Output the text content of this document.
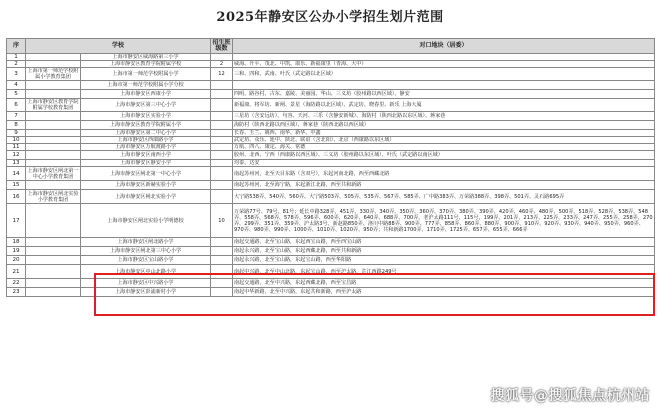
2025年静安区公办小学招生划片范围
序	学校		招生班级数	对口地块（居委）
1		上海市静安区威海路第三小学		
2		上海市静安区教育学院附属学校	2	威海、升平、茂北、中凯、康乐、新福康里（青海、大中）
3	上海市第一师范学校附属小学教育集团	上海市第一师范学校附属小学	12	三和、四和、武南、叶氏（武定路以北区域）
4		上海市第一师范学校附属小学分校		
5		上海市静安区西康小学		四明、路谷村、古东、嘉陵、美丽园、华山、三义坊（胶州路以西区域）、静安
6	上海市静安区教育学院附属学校教育集团	上海市静安区第三中心小学		新福康、将军坊、新闸、景星（海防路以北区域）、武定坊、晓春里、新乐 上海大厦
7		上海市静安区实验小学		三星坊（含安远坊）、句容、天河、三乐（含静安新城）、海防村（陕西北路以东区域）、蒋家巷
8		上海市静安区教育学院附属小学		海防村（陕西北路以西区域）、蒋家巷（陕西北路以西区域）
9		上海市静安区第二中心小学		长春、玉兰、姚西、南华、新华、中鑫
10		上海市静安区西康路小学		武定坊、众乐、延中、陕北、联谊（含北阳）、北京（西康路以东区域）
11		上海市静安区万航渡路小学		万航、四八、康定、海关、常德
12		上海市静安区南西小学		胶州、北西、宁西（西康路以西区域）、三义坊（胶州路以东区域）、叶氏（武定路以南区域）
13		上海市静安区静安小学		均泰、达安
14	上海市静安区闸北第一中心小学教育集团	上海市静安区闸北第一中心小学		南起苏州河，北至天目东路（含双号），东起河南北路，西至西藏北路
15		上海市静安区新赫实验小学		南起苏州河，北至海宁路，东起浙江北路，西至共和新路
16	上海市静安区闸北实验小学教育集团	上海市静安区闸北实验小学		大宁路538弄、540弄、560弄、大宁路503弄、505弄、535弄、567弄、585弄、广中路383弄、万荣路388弄、398弄、501弄、灵石路695弄
17		上海市静安区闸北实验小学明德校	10	万荣路77号、79号、81号；延长中路328弄、451弄、330弄、340弄、350弄、360弄、370弄、380弄、390弄、420弄、460弄、480弄、500弄、518弄、528弄、538弄、548弄、558弄、568弄、578弄、596弄、600弄、620弄、640弄、688弄、700弄、老沪太路111号、115号、199弄、201弄、213弄、225弄、233弄、247弄、255弄、258弄、270弄、299弄、351弄、359弄、沪太路3号、新赵路850弄、洛川中路88弄、900弄、777弄、858弄、860弄、880弄、900弄、910弄、920弄、930弄、940弄、950弄、960弄、970弄、980弄、990弄、1000弄、1010弄、1020弄、950弄；共和新路1700弄、1710弄、1725弄、657弄、655弄、666弄
18		上海市静安区闸北路小学		南起交通路，北至宝山路，东起西宝山路，西至西宝山路
19		上海市静安区闸北第三中心小学		南起永兴路，北至宝山路，东起西藏北路，西至共和新路
20		上海市静安区宝山路小学		南起永兴路，北至宝山路，东起宝山路，西至华阳路
21		上海市静安区中山北路小学		南起中兴路，北至中山北路，东起宝山路，西至沪太路，芷江西路249号
22		上海市静安区中兴路小学		南起交通路，北至中兴路，东起西藏北路，西至宝昌路
23		上海市静安区彭浦新村小学		南起中华新路，北至中兴路，东起共和新路，西至沪太路
搜狐号@搜狐焦点杭州站
